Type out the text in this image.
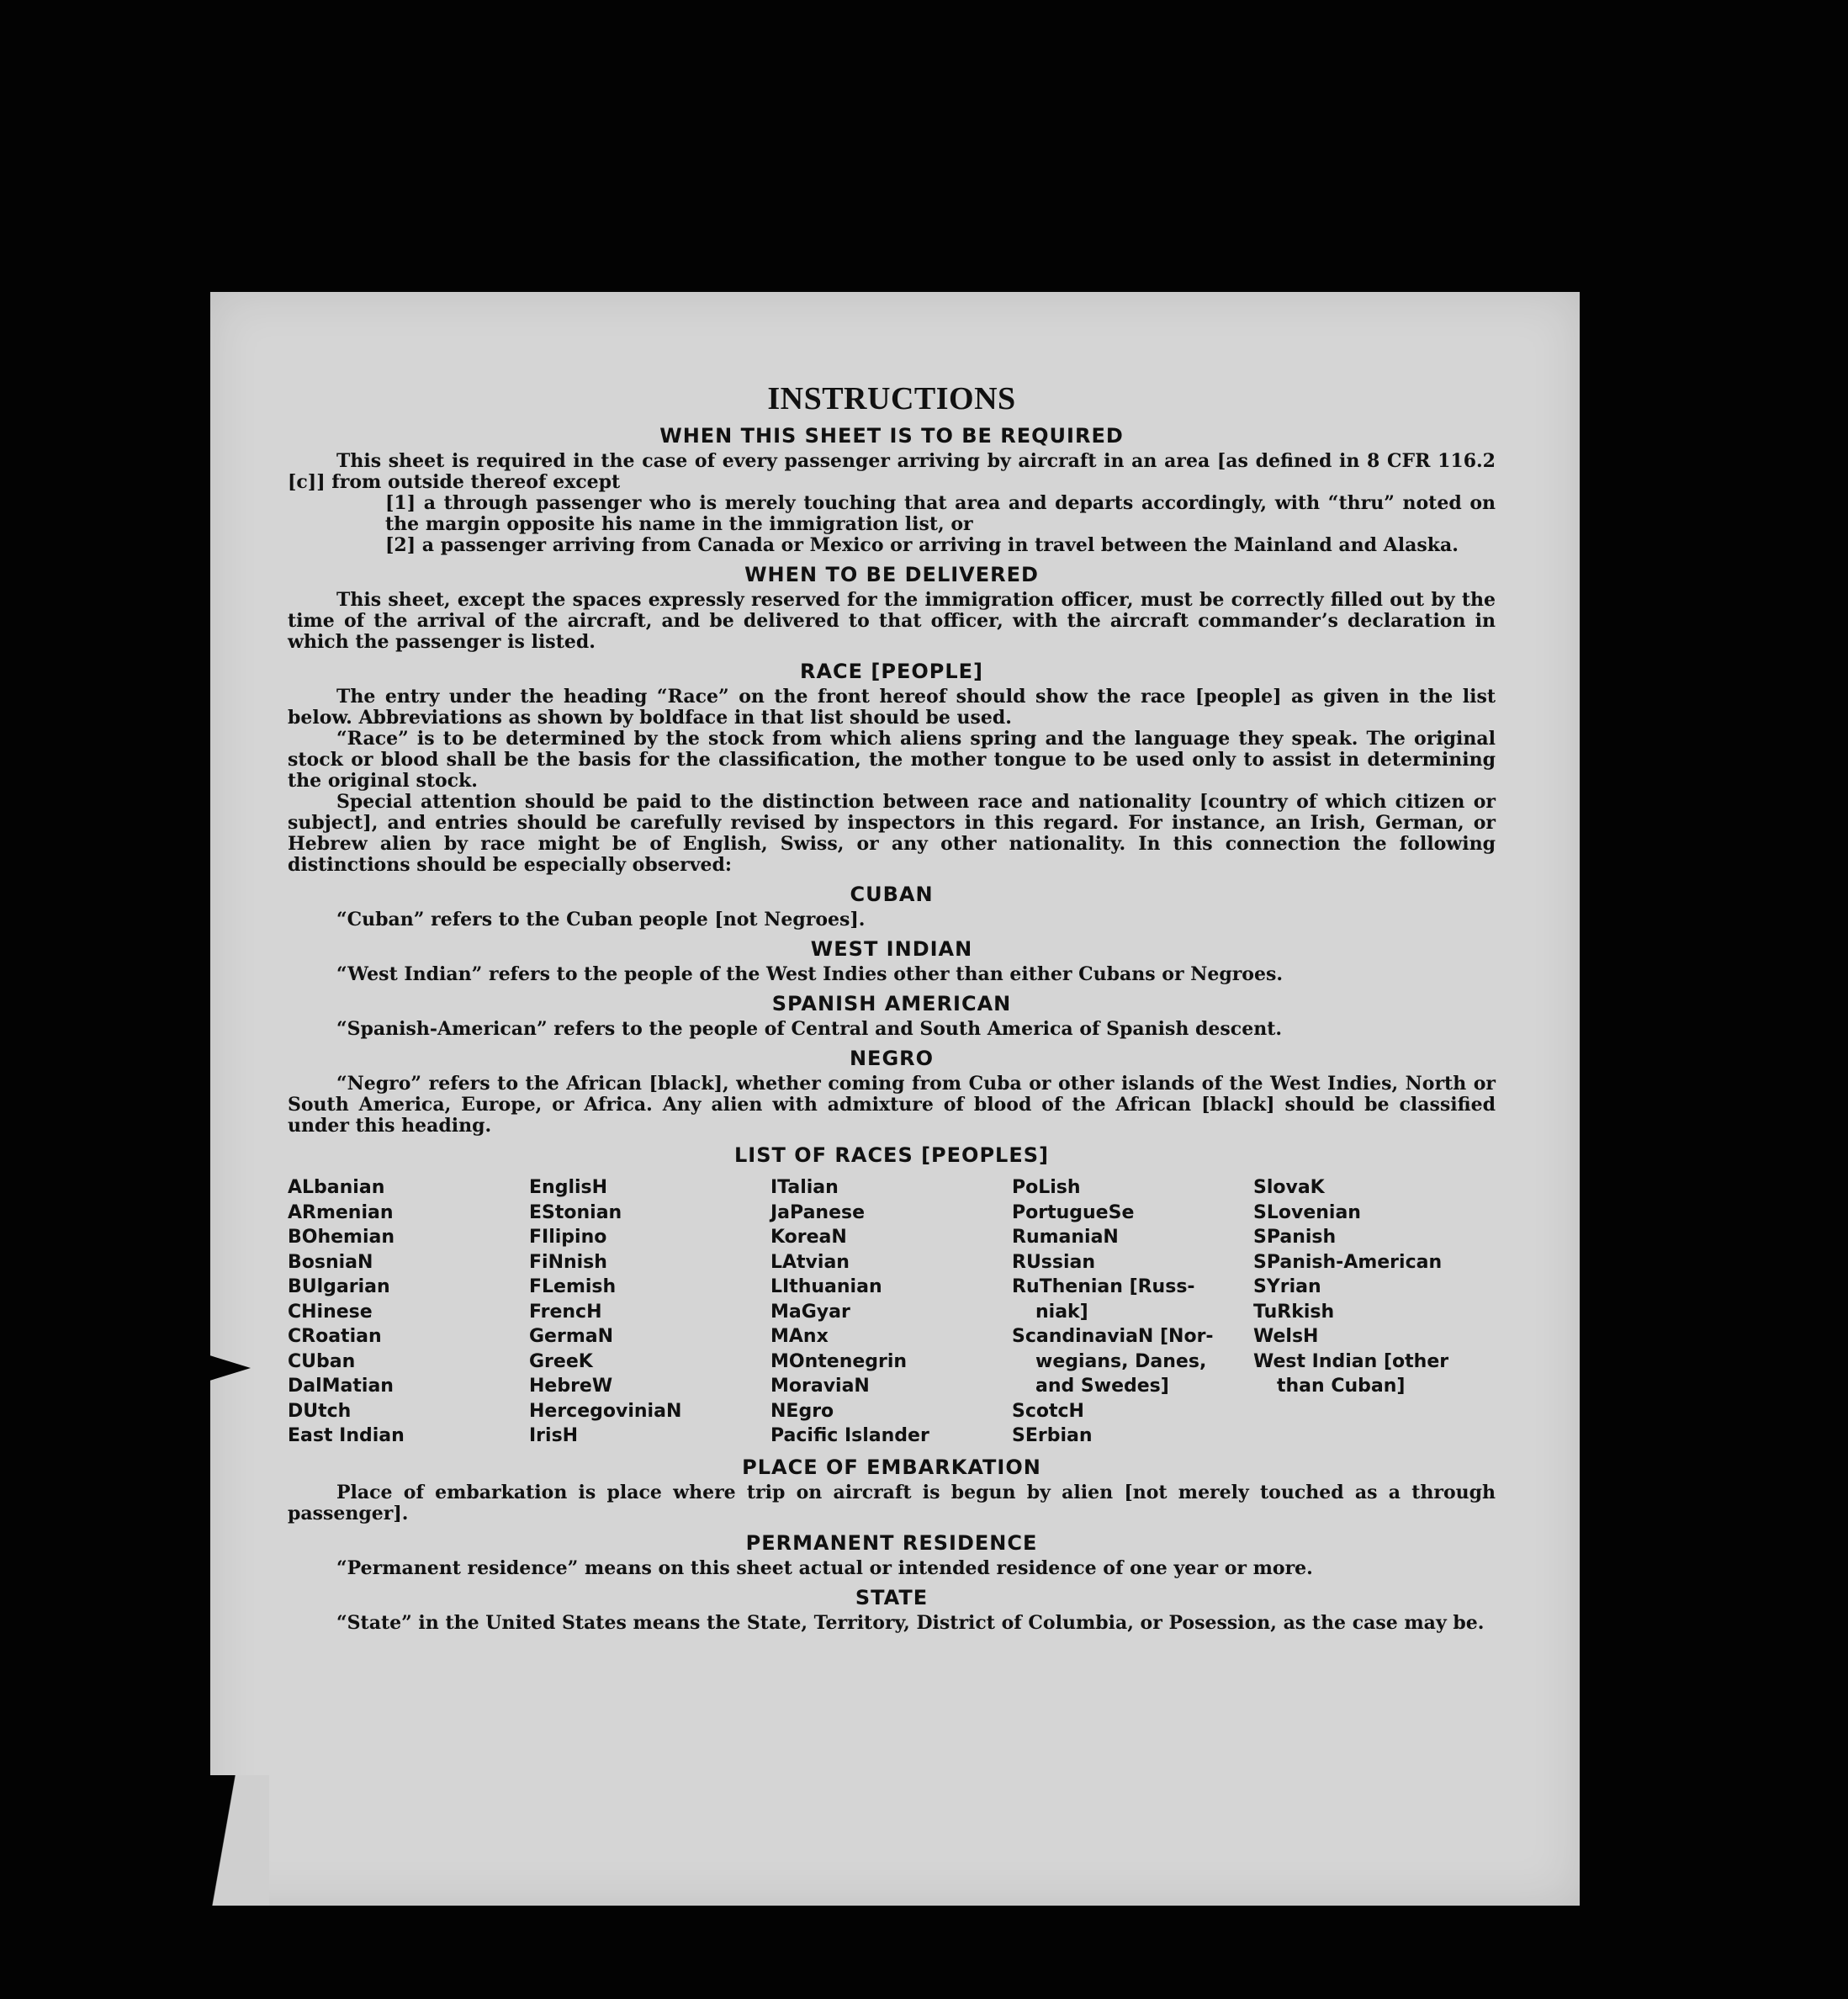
INSTRUCTIONS
WHEN THIS SHEET IS TO BE REQUIRED

This sheet is required in the case of every passenger arriving by aircraft in an area [as defined in 8 CFR 116.2 [c]] from outside thereof except

[1] a through passenger who is merely touching that area and departs accordingly, with “thru” noted on the margin opposite his name in the immigration list, or

[2] a passenger arriving from Canada or Mexico or arriving in travel between the Mainland and Alaska.

WHEN TO BE DELIVERED

This sheet, except the spaces expressly reserved for the immigration officer, must be correctly filled out by the time of the arrival of the aircraft, and be delivered to that officer, with the aircraft commander’s declaration in which the passenger is listed.

RACE [PEOPLE]

The entry under the heading “Race” on the front hereof should show the race [people] as given in the list below. Abbreviations as shown by boldface in that list should be used.

“Race” is to be determined by the stock from which aliens spring and the language they speak. The original stock or blood shall be the basis for the classification, the mother tongue to be used only to assist in determining the original stock.

Special attention should be paid to the distinction between race and nationality [country of which citizen or subject], and entries should be carefully revised by inspectors in this regard. For instance, an Irish, German, or Hebrew alien by race might be of English, Swiss, or any other nationality. In this connection the following distinctions should be especially observed:

CUBAN

“Cuban” refers to the Cuban people [not Negroes].

WEST INDIAN

“West Indian” refers to the people of the West Indies other than either Cubans or Negroes.

SPANISH AMERICAN

“Spanish-American” refers to the people of Central and South America of Spanish descent.

NEGRO

“Negro” refers to the African [black], whether coming from Cuba or other islands of the West Indies, North or South America, Europe, or Africa. Any alien with admixture of blood of the African [black] should be classified under this heading.

LIST OF RACES [PEOPLES]
ALbanian
ARmenian
BOhemian
BosniaN
BUlgarian
CHinese
CRoatian
CUban
DalMatian
DUtch
East Indian
EnglisH
EStonian
FIlipino
FiNnish
FLemish
FrencH
GermaN
GreeK
HebreW
HercegovіniaN
IrisH
ITalian
JaPanese
KoreaN
LAtvian
LIthuanian
MaGyar
MAnx
MOntenegrin
MoraviaN
NEgro
Pacific Islander
PoLish
PortugueSe
RumaniaN
RUssian
RuThenian [Russ-
niak]
ScandinaviaN [Nor-
wegians, Danes,
and Swedes]
ScotcH
SErbian
SlovaK
SLovenian
SPanish
SPanish-American
SYrian
TuRkish
WelsH
West Indian [other
than Cuban]
PLACE OF EMBARKATION

Place of embarkation is place where trip on aircraft is begun by alien [not merely touched as a through passenger].

PERMANENT RESIDENCE

“Permanent residence” means on this sheet actual or intended residence of one year or more.

STATE

“State” in the United States means the State, Territory, District of Columbia, or Posession, as the case may be.
